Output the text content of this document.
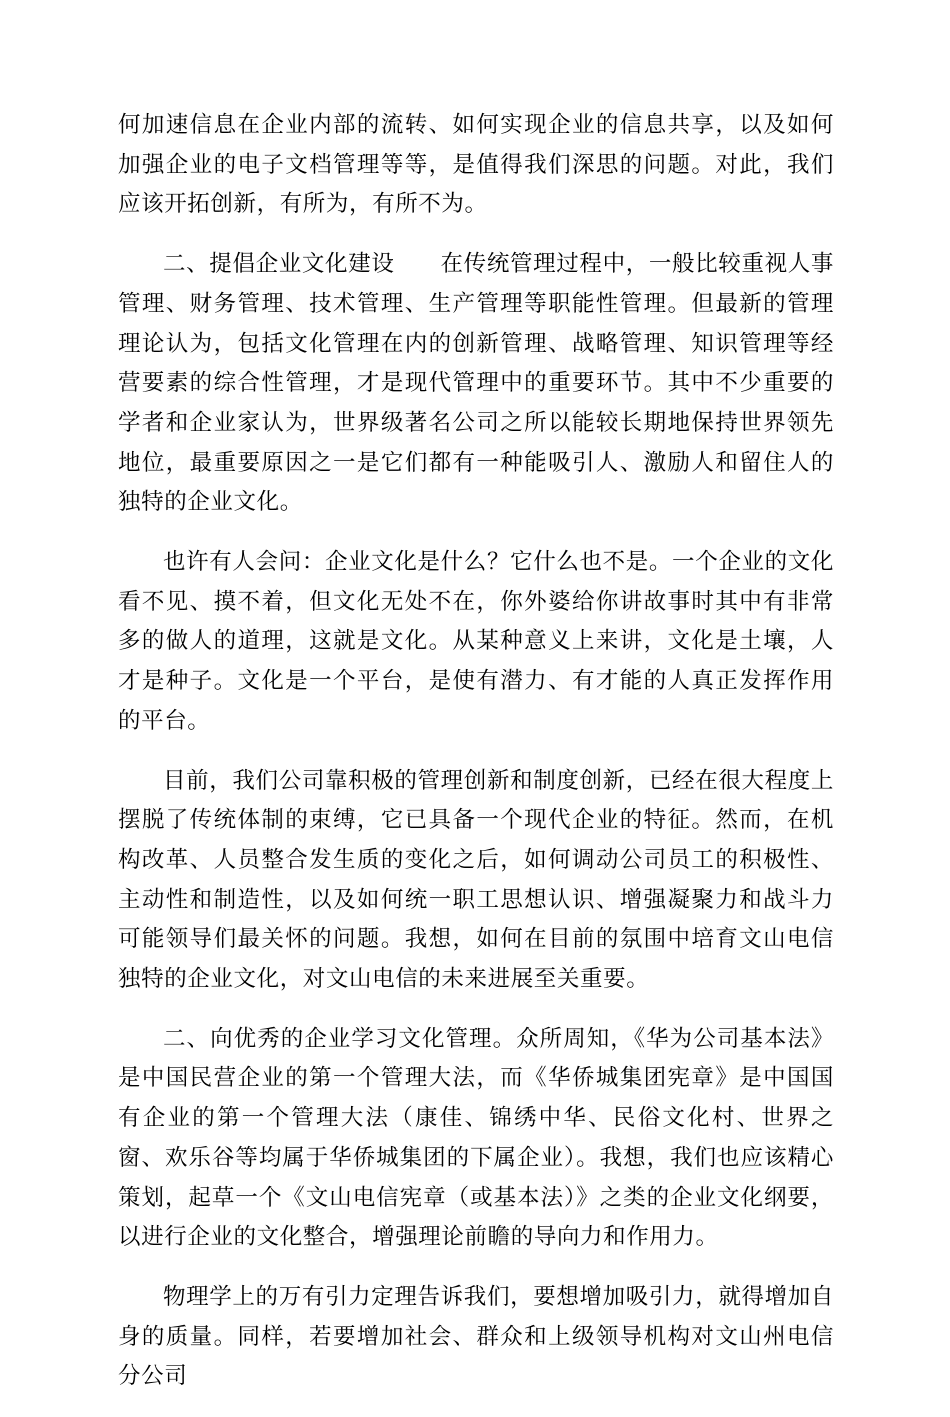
何加速信息在企业内部的流转、如何实现企业的信息共享，以及如何加强企业的电子文档管理等等，是值得我们深思的问题。对此，我们应该开拓创新，有所为，有所不为。

二、提倡企业文化建设 在传统管理过程中，一般比较重视人事管理、财务管理、技术管理、生产管理等职能性管理。但最新的管理理论认为，包括文化管理在内的创新管理、战略管理、知识管理等经营要素的综合性管理，才是现代管理中的重要环节。其中不少重要的学者和企业家认为，世界级著名公司之所以能较长期地保持世界领先地位，最重要原因之一是它们都有一种能吸引人、激励人和留住人的独特的企业文化。

也许有人会问：企业文化是什么？它什么也不是。一个企业的文化看不见、摸不着，但文化无处不在，你外婆给你讲故事时其中有非常多的做人的道理，这就是文化。从某种意义上来讲，文化是土壤，人才是种子。文化是一个平台，是使有潜力、有才能的人真正发挥作用的平台。

目前，我们公司靠积极的管理创新和制度创新，已经在很大程度上摆脱了传统体制的束缚，它已具备一个现代企业的特征。然而，在机构改革、人员整合发生质的变化之后，如何调动公司员工的积极性、主动性和制造性，以及如何统一职工思想认识、增强凝聚力和战斗力可能领导们最关怀的问题。我想，如何在目前的氛围中培育文山电信独特的企业文化，对文山电信的未来进展至关重要。

二、向优秀的企业学习文化管理。众所周知，《华为公司基本法》是中国民营企业的第一个管理大法，而《华侨城集团宪章》是中国国有企业的第一个管理大法（康佳、锦绣中华、民俗文化村、世界之窗、欢乐谷等均属于华侨城集团的下属企业）。我想，我们也应该精心策划，起草一个《文山电信宪章（或基本法）》之类的企业文化纲要，以进行企业的文化整合，增强理论前瞻的导向力和作用力。

物理学上的万有引力定理告诉我们，要想增加吸引力，就得增加自身的质量。同样，若要增加社会、群众和上级领导机构对文山州电信分公司
